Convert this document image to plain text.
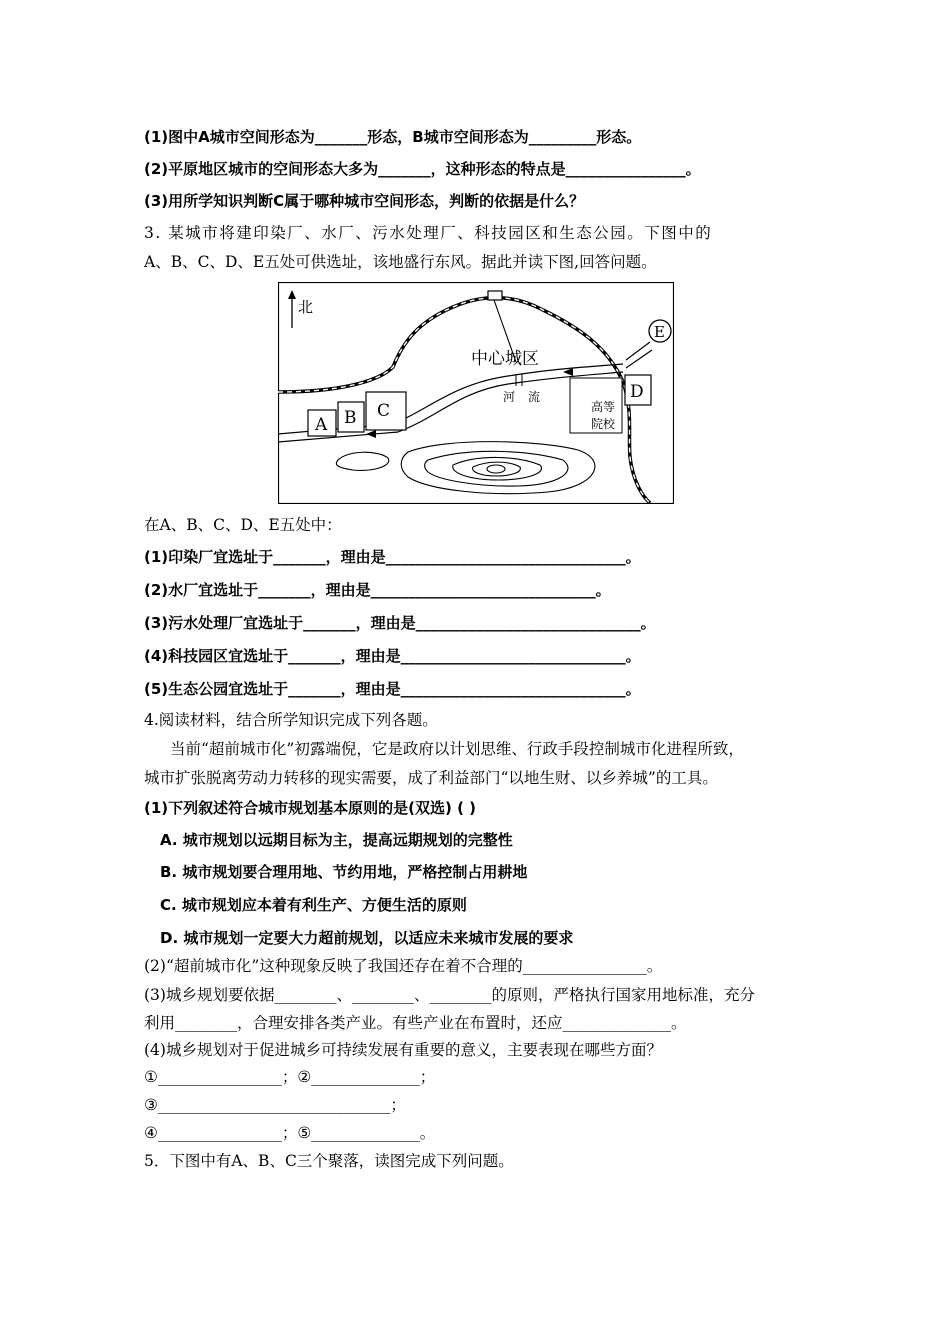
(1)图中A城市空间形态为_______形态，B城市空间形态为_________形态。
(2)平原地区城市的空间形态大多为_______，这种形态的特点是________________。
(3)用所学知识判断C属于哪种城市空间形态，判断的依据是什么？
3. 某城市将建印染厂、水厂、污水处理厂、科技园区和生态公园。下图中的
A、B、C、D、E五处可供选址，该地盛行东风。据此并读下图,回答问题。
北
A B C	高等
院校
D
E
中心城区
河 流
在A、B、C、D、E五处中：
(1)印染厂宜选址于_______，理由是________________________________。
(2)水厂宜选址于_______，理由是______________________________。
(3)污水处理厂宜选址于_______，理由是______________________________。
(4)科技园区宜选址于_______，理由是______________________________。
(5)生态公园宜选址于_______，理由是______________________________。
4.阅读材料，结合所学知识完成下列各题。
当前“超前城市化”初露端倪，它是政府以计划思维、行政手段控制城市化进程所致，
城市扩张脱离劳动力转移的现实需要，成了利益部门“以地生财、以乡养城”的工具。
(1)下列叙述符合城市规划基本原则的是(双选) ( )
A. 城市规划以远期目标为主，提高远期规划的完整性
B. 城市规划要合理用地、节约用地，严格控制占用耕地
C. 城市规划应本着有利生产、方便生活的原则
D. 城市规划一定要大力超前规划，以适应未来城市发展的要求
(2)“超前城市化”这种现象反映了我国还存在着不合理的________________。
(3)城乡规划要依据________、________、________的原则，严格执行国家用地标准，充分
利用________，合理安排各类产业。有些产业在布置时，还应______________。
(4)城乡规划对于促进城乡可持续发展有重要的意义，主要表现在哪些方面？
①________________；②______________；
③______________________________；
④________________；⑤______________。
5．下图中有A、B、C三个聚落，读图完成下列问题。
